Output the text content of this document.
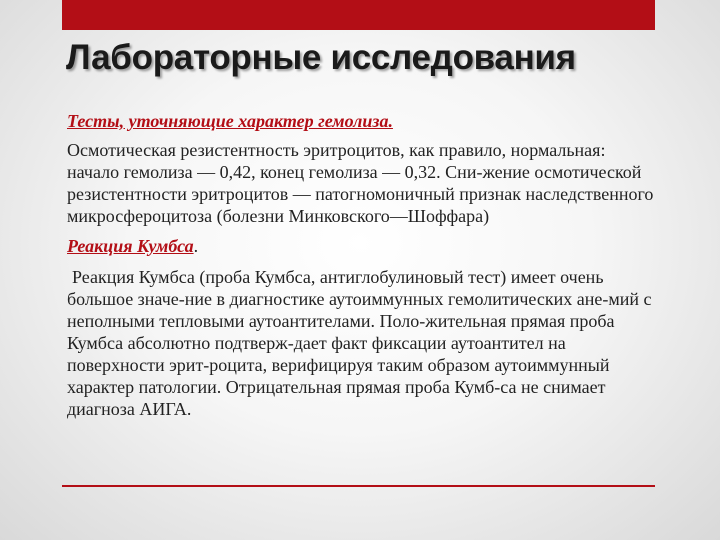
Лабораторные исследования
Тесты, уточняющие характер гемолиза.

Осмотическая резистентность эритроцитов, как правило, нормальная: начало гемолиза — 0,42, конец гемолиза — 0,32. Сни-жение осмотической резистентности эритроцитов — патогномоничный признак наследственного микросфероцитоза (болезни Минковского—Шоффара)

Реакция Кумбса.

Реакция Кумбса (проба Кумбса, антиглобулиновый тест) имеет очень большое значе-ние в диагностике аутоиммунных гемолитических ане-мий с неполными тепловыми аутоантителами. Поло-жительная прямая проба Кумбса абсолютно подтверж-дает факт фиксации аутоантител на поверхности эрит-роцита, верифицируя таким образом аутоиммунный характер патологии. Отрицательная прямая проба Кумб-са не снимает диагноза АИГА.
